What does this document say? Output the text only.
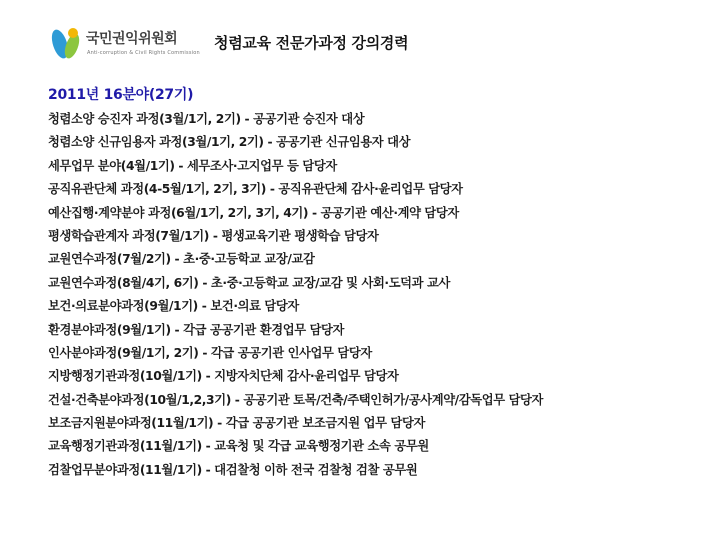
국민권익위원회
Anti-corruption & Civil Rights Commission
청렴교육 전문가과정 강의경력
2011년 16분야(27기)
청렴소양 승진자 과정(3월/1기, 2기) - 공공기관 승진자 대상
청렴소양 신규임용자 과정(3월/1기, 2기) - 공공기관 신규임용자 대상
세무업무 분야(4월/1기) - 세무조사·고지업무 등 담당자
공직유관단체 과정(4-5월/1기, 2기, 3기) - 공직유관단체 감사·윤리업무 담당자
예산집행·계약분야 과정(6월/1기, 2기, 3기, 4기) - 공공기관 예산·계약 담당자
평생학습관계자 과정(7월/1기) - 평생교육기관 평생학습 담당자
교원연수과정(7월/2기) - 초·중·고등학교 교장/교감
교원연수과정(8월/4기, 6기) - 초·중·고등학교 교장/교감 및 사회·도덕과 교사
보건·의료분야과정(9월/1기) - 보건·의료 담당자
환경분야과정(9월/1기) - 각급 공공기관 환경업무 담당자
인사분야과정(9월/1기, 2기) - 각급 공공기관 인사업무 담당자
지방행정기관과정(10월/1기) - 지방자치단체 감사·윤리업무 담당자
건설·건축분야과정(10월/1,2,3기) - 공공기관 토목/건축/주택인허가/공사계약/감독업무 담당자
보조금지원분야과정(11월/1기) - 각급 공공기관 보조금지원 업무 담당자
교육행정기관과정(11월/1기) - 교육청 및 각급 교육행정기관 소속 공무원
검찰업무분야과정(11월/1기) - 대검찰청 이하 전국 검찰청 검찰 공무원
